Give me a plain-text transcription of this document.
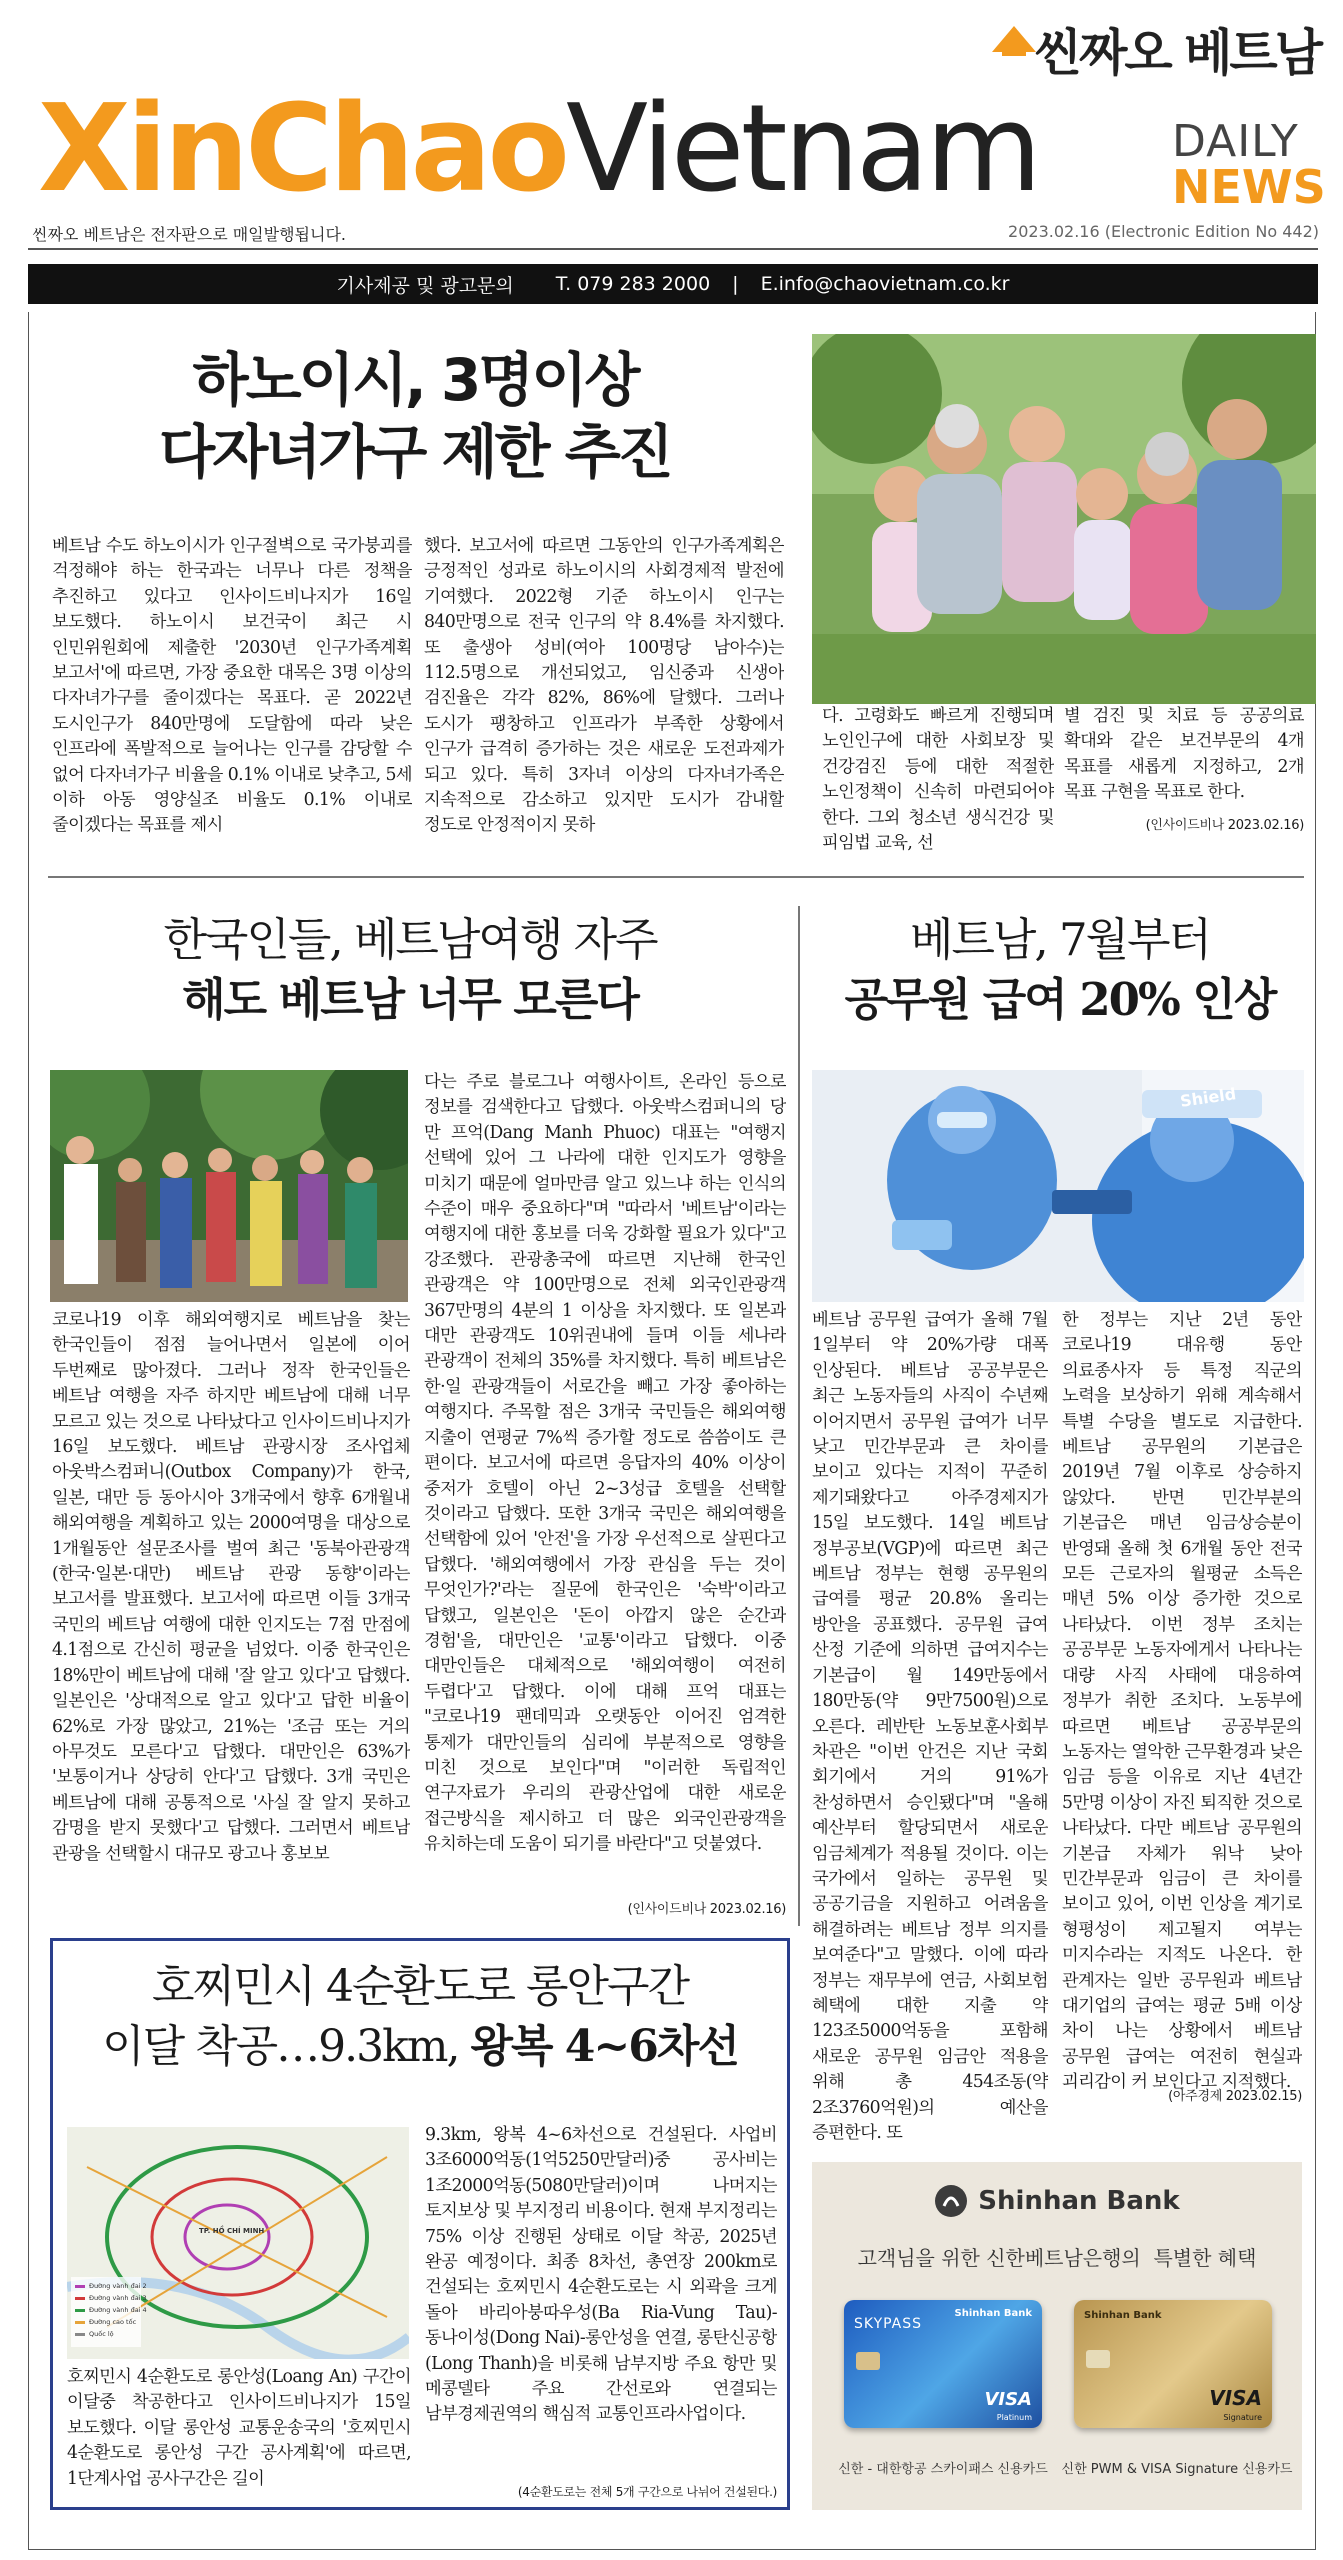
씬짜오 베트남
XinChaoVietnam	DAILY
NEWS
씬짜오 베트남은 전자판으로 매일발행됩니다.	2023.02.16 (Electronic Edition No 442)
기사제공 및 광고문의 T. 079 283 2000 | E.info@chaovietnam.co.kr
하노이시, 3명이상
다자녀가구 제한 추진
베트남 수도 하노이시가 인구절벽으로 국가붕괴를 걱정해야 하는 한국과는 너무나 다른 정책을 추진하고 있다고 인사이드비나지가 16일 보도했다. 하노이시 보건국이 최근 시 인민위원회에 제출한 '2030년 인구가족계획 보고서'에 따르면, 가장 중요한 대목은 3명 이상의 다자녀가구를 줄이겠다는 목표다. 곧 2022년 도시인구가 840만명에 도달함에 따라 낮은 인프라에 폭발적으로 늘어나는 인구를 감당할 수 없어 다자녀가구 비율을 0.1% 이내로 낮추고, 5세 이하 아동 영양실조 비율도 0.1% 이내로 줄이겠다는 목표를 제시
했다. 보고서에 따르면 그동안의 인구가족계획은 긍정적인 성과로 하노이시의 사회경제적 발전에 기여했다. 2022형 기준 하노이시 인구는 840만명으로 전국 인구의 약 8.4%를 차지했다. 또 출생아 성비(여아 100명당 남아수)는 112.5명으로 개선되었고, 임신중과 신생아 검진율은 각각 82%, 86%에 달했다. 그러나 도시가 팽창하고 인프라가 부족한 상황에서 인구가 급격히 증가하는 것은 새로운 도전과제가 되고 있다. 특히 3자녀 이상의 다자녀가족은 지속적으로 감소하고 있지만 도시가 감내할 정도로 안정적이지 못하
다. 고령화도 빠르게 진행되며 노인인구에 대한 사회보장 및 건강검진 등에 대한 적절한 노인정책이 신속히 마련되어야 한다. 그외 청소년 생식건강 및 피임법 교육, 선
별 검진 및 치료 등 공공의료 확대와 같은 보건부문의 4개 목표를 새롭게 지정하고, 2개 목표 구현을 목표로 한다.
(인사이드비나 2023.02.16)
한국인들, 베트남여행 자주
해도 베트남 너무 모른다
코로나19 이후 해외여행지로 베트남을 찾는 한국인들이 점점 늘어나면서 일본에 이어 두번째로 많아졌다. 그러나 정작 한국인들은 베트남 여행을 자주 하지만 베트남에 대해 너무 모르고 있는 것으로 나타났다고 인사이드비나지가 16일 보도했다. 베트남 관광시장 조사업체 아웃박스컴퍼니(Outbox Company)가 한국, 일본, 대만 등 동아시아 3개국에서 향후 6개월내 해외여행을 계획하고 있는 2000여명을 대상으로 1개월동안 설문조사를 벌여 최근 '동북아관광객(한국·일본·대만) 베트남 관광 동향'이라는 보고서를 발표했다. 보고서에 따르면 이들 3개국 국민의 베트남 여행에 대한 인지도는 7점 만점에 4.1점으로 간신히 평균을 넘었다. 이중 한국인은 18%만이 베트남에 대해 '잘 알고 있다'고 답했다. 일본인은 '상대적으로 알고 있다'고 답한 비율이 62%로 가장 많았고, 21%는 '조금 또는 거의 아무것도 모른다'고 답했다. 대만인은 63%가 '보통이거나 상당히 안다'고 답했다. 3개 국민은 베트남에 대해 공통적으로 '사실 잘 알지 못하고 감명을 받지 못했다'고 답했다. 그러면서 베트남 관광을 선택할시 대규모 광고나 홍보보
다는 주로 블로그나 여행사이트, 온라인 등으로 정보를 검색한다고 답했다. 아웃박스컴퍼니의 당 만 프억(Dang Manh Phuoc) 대표는 "여행지 선택에 있어 그 나라에 대한 인지도가 영향을 미치기 때문에 얼마만큼 알고 있느냐 하는 인식의 수준이 매우 중요하다"며 "따라서 '베트남'이라는 여행지에 대한 홍보를 더욱 강화할 필요가 있다"고 강조했다. 관광총국에 따르면 지난해 한국인 관광객은 약 100만명으로 전체 외국인관광객 367만명의 4분의 1 이상을 차지했다. 또 일본과 대만 관광객도 10위권내에 들며 이들 세나라 관광객이 전체의 35%를 차지했다. 특히 베트남은 한·일 관광객들이 서로간을 빼고 가장 좋아하는 여행지다. 주목할 점은 3개국 국민들은 해외여행 지출이 연평균 7%씩 증가할 정도로 씀씀이도 큰 편이다. 보고서에 따르면 응답자의 40% 이상이 중저가 호텔이 아닌 2~3성급 호텔을 선택할 것이라고 답했다. 또한 3개국 국민은 해외여행을 선택함에 있어 '안전'을 가장 우선적으로 살핀다고 답했다. '해외여행에서 가장 관심을 두는 것이 무엇인가?'라는 질문에 한국인은 '숙박'이라고 답했고, 일본인은 '돈이 아깝지 않은 순간과 경험'을, 대만인은 '교통'이라고 답했다. 이중 대만인들은 대체적으로 '해외여행이 여전히 두렵다'고 답했다. 이에 대해 프억 대표는 "코로나19 팬데믹과 오랫동안 이어진 엄격한 통제가 대만인들의 심리에 부분적으로 영향을 미친 것으로 보인다"며 "이러한 독립적인 연구자료가 우리의 관광산업에 대한 새로운 접근방식을 제시하고 더 많은 외국인관광객을 유치하는데 도움이 되기를 바란다"고 덧붙였다.
(인사이드비나 2023.02.16)
베트남, 7월부터
공무원 급여 20% 인상
Shield
베트남 공무원 급여가 올해 7월 1일부터 약 20%가량 대폭 인상된다. 베트남 공공부문은 최근 노동자들의 사직이 수년째 이어지면서 공무원 급여가 너무 낮고 민간부문과 큰 차이를 보이고 있다는 지적이 꾸준히 제기돼왔다고 아주경제지가 15일 보도했다. 14일 베트남 정부공보(VGP)에 따르면 최근 베트남 정부는 현행 공무원의 급여를 평균 20.8% 올리는 방안을 공표했다. 공무원 급여 산정 기준에 의하면 급여지수는 기본급이 월 149만동에서 180만동(약 9만7500원)으로 오른다. 레반탄 노동보훈사회부 차관은 "이번 안건은 지난 국회 회기에서 거의 91%가 찬성하면서 승인됐다"며 "올해 예산부터 할당되면서 새로운 임금체계가 적용될 것이다. 이는 국가에서 일하는 공무원 및 공공기금을 지원하고 어려움을 해결하려는 베트남 정부 의지를 보여준다"고 말했다. 이에 따라 정부는 재무부에 연금, 사회보험 혜택에 대한 지출 약 123조5000억동을 포함해 새로운 공무원 임금안 적용을 위해 총 454조동(약 2조3760억원)의 예산을 증편한다. 또
한 정부는 지난 2년 동안 코로나19 대유행 동안 의료종사자 등 특정 직군의 노력을 보상하기 위해 계속해서 특별 수당을 별도로 지급한다. 베트남 공무원의 기본급은 2019년 7월 이후로 상승하지 않았다. 반면 민간부분의 기본급은 매년 임금상승분이 반영돼 올해 첫 6개월 동안 전국 모든 근로자의 월평균 소득은 매년 5% 이상 증가한 것으로 나타났다. 이번 정부 조치는 공공부문 노동자에게서 나타나는 대량 사직 사태에 대응하여 정부가 취한 조치다. 노동부에 따르면 베트남 공공부문의 노동자는 열악한 근무환경과 낮은 임금 등을 이유로 지난 4년간 5만명 이상이 자진 퇴직한 것으로 나타났다. 다만 베트남 공무원의 기본급 자체가 워낙 낮아 민간부문과 임금이 큰 차이를 보이고 있어, 이번 인상을 계기로 형평성이 제고될지 여부는 미지수라는 지적도 나온다. 한 관계자는 일반 공무원과 베트남 대기업의 급여는 평균 5배 이상 차이 나는 상황에서 베트남 공무원 급여는 여전히 현실과 괴리감이 커 보인다고 지적했다.
(아주경제 2023.02.15)
호찌민시 4순환도로 롱안구간
이달 착공…9.3km, 왕복 4~6차선
TP. HỒ CHÍ MINH
Đường vành đai 2
Đường vành đai 3
Đường vành đai 4
Đường cao tốc
Quốc lộ
호찌민시 4순환도로 롱안성(Loang An) 구간이 이달중 착공한다고 인사이드비나지가 15일 보도했다. 이달 롱안성 교통운송국의 '호찌민시 4순환도로 롱안성 구간 공사계획'에 따르면, 1단계사업 공사구간은 길이
9.3km, 왕복 4~6차선으로 건설된다. 사업비 3조6000억동(1억5250만달러)중 공사비는 1조2000억동(5080만달러)이며 나머지는 토지보상 및 부지정리 비용이다. 현재 부지정리는 75% 이상 진행된 상태로 이달 착공, 2025년 완공 예정이다. 최종 8차선, 총연장 200km로 건설되는 호찌민시 4순환도로는 시 외곽을 크게 돌아 바리아붕따우성(Ba Ria-Vung Tau)-동나이성(Dong Nai)-롱안성을 연결, 롱탄신공항(Long Thanh)을 비롯해 남부지방 주요 항만 및 메콩델타 주요 간선로와 연결되는 남부경제권역의 핵심적 교통인프라사업이다.
(4순환도로는 전체 5개 구간으로 나뉘어 건설된다.)
Shinhan Bank
고객님을 위한 신한베트남은행의  특별한 혜택
Shinhan Bank
SKYPASS
VISA
Platinum
Shinhan Bank
VISA
Signature
신한 - 대한항공 스카이패스 신용카드	신한 PWM & VISA Signature 신용카드
